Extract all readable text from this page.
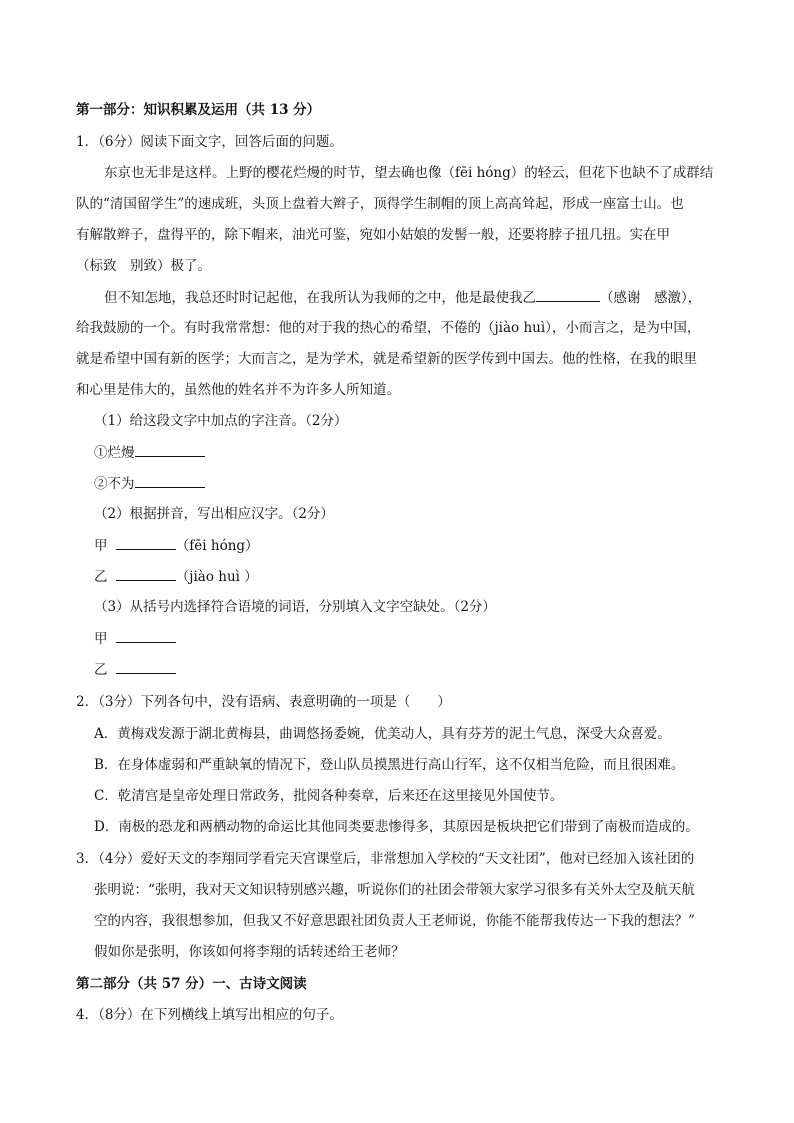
第一部分：知识积累及运用（共 13 分）
1．（6分）阅读下面文字，回答后面的问题。
东京也无非是这样。上野的樱花烂熳的时节，望去确也像（fēi hóng）的轻云，但花下也缺不了成群结
队的“清国留学生”的速成班，头顶上盘着大辫子，顶得学生制帽的顶上高高耸起，形成一座富士山。也
有解散辫子，盘得平的，除下帽来，油光可鉴，宛如小姑娘的发髻一般，还要将脖子扭几扭。实在甲
（标致　别致）极了。
但不知怎地，我总还时时记起他，在我所认为我师的之中，他是最使我乙	（感谢　感激），
给我鼓励的一个。有时我常常想：他的对于我的热心的希望，不倦的（jiào huì），小而言之，是为中国，
就是希望中国有新的医学；大而言之，是为学术，就是希望新的医学传到中国去。他的性格，在我的眼里
和心里是伟大的，虽然他的姓名并不为许多人所知道。
（1）给这段文字中加点的字注音。（2分）
①烂熳
②不为
（2）根据拼音，写出相应汉字。（2分）
甲	（fēi hóng）
乙	（jiào huì ）
（3）从括号内选择符合语境的词语，分别填入文字空缺处。（2分）
甲
乙
2．（3分）下列各句中，没有语病、表意明确的一项是（　　）
A．黄梅戏发源于湖北黄梅县，曲调悠扬委婉，优美动人，具有芬芳的泥土气息，深受大众喜爱。
B．在身体虚弱和严重缺氧的情况下，登山队员摸黑进行高山行军，这不仅相当危险，而且很困难。
C．乾清宫是皇帝处理日常政务，批阅各种奏章，后来还在这里接见外国使节。
D．南极的恐龙和两栖动物的命运比其他同类要悲惨得多，其原因是板块把它们带到了南极而造成的。
3．（4分）爱好天文的李翔同学看完天宫课堂后，非常想加入学校的“天文社团”，他对已经加入该社团的
张明说：“张明，我对天文知识特别感兴趣，听说你们的社团会带领大家学习很多有关外太空及航天航
空的内容，我很想参加，但我又不好意思跟社团负责人王老师说，你能不能帮我传达一下我的想法？”
假如你是张明，你该如何将李翔的话转述给王老师？
第二部分（共 57 分）一、古诗文阅读
4．（8分）在下列横线上填写出相应的句子。
